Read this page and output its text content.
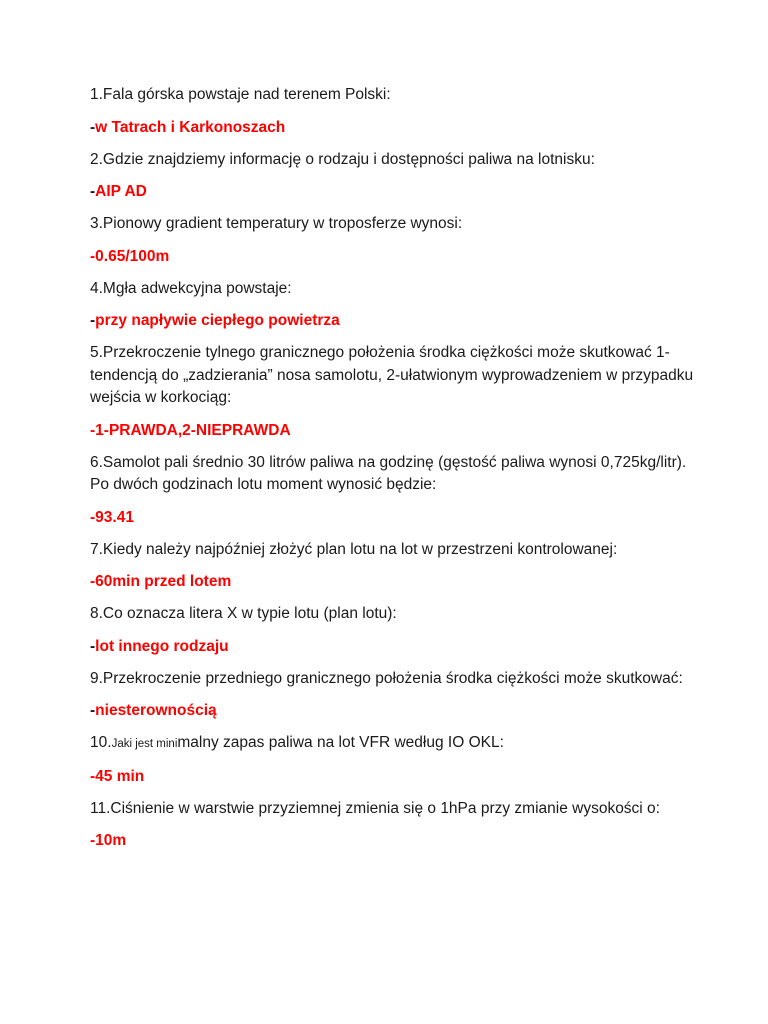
1.Fala górska powstaje nad terenem Polski:

-w Tatrach i Karkonoszach

2.Gdzie znajdziemy informację o rodzaju i dostępności paliwa na lotnisku:

-AIP AD

3.Pionowy gradient temperatury w troposferze wynosi:

-0.65/100m

4.Mgła adwekcyjna powstaje:

-przy napływie ciepłego powietrza

5.Przekroczenie tylnego granicznego położenia środka ciężkości może skutkować 1-tendencją do „zadzierania” nosa samolotu, 2-ułatwionym wyprowadzeniem w przypadku wejścia w korkociąg:

-1-PRAWDA,2-NIEPRAWDA

6.Samolot pali średnio 30 litrów paliwa na godzinę (gęstość paliwa wynosi 0,725kg/litr). Po dwóch godzinach lotu moment wynosić będzie:

-93.41

7.Kiedy należy najpóźniej złożyć plan lotu na lot w przestrzeni kontrolowanej:

-60min przed lotem

8.Co oznacza litera X w typie lotu (plan lotu):

-lot innego rodzaju

9.Przekroczenie przedniego granicznego położenia środka ciężkości może skutkować:

-niesterownością

10.Jaki jest minimalny zapas paliwa na lot VFR według IO OKL:

-45 min

11.Ciśnienie w warstwie przyziemnej zmienia się o 1hPa przy zmianie wysokości o:

-10m
